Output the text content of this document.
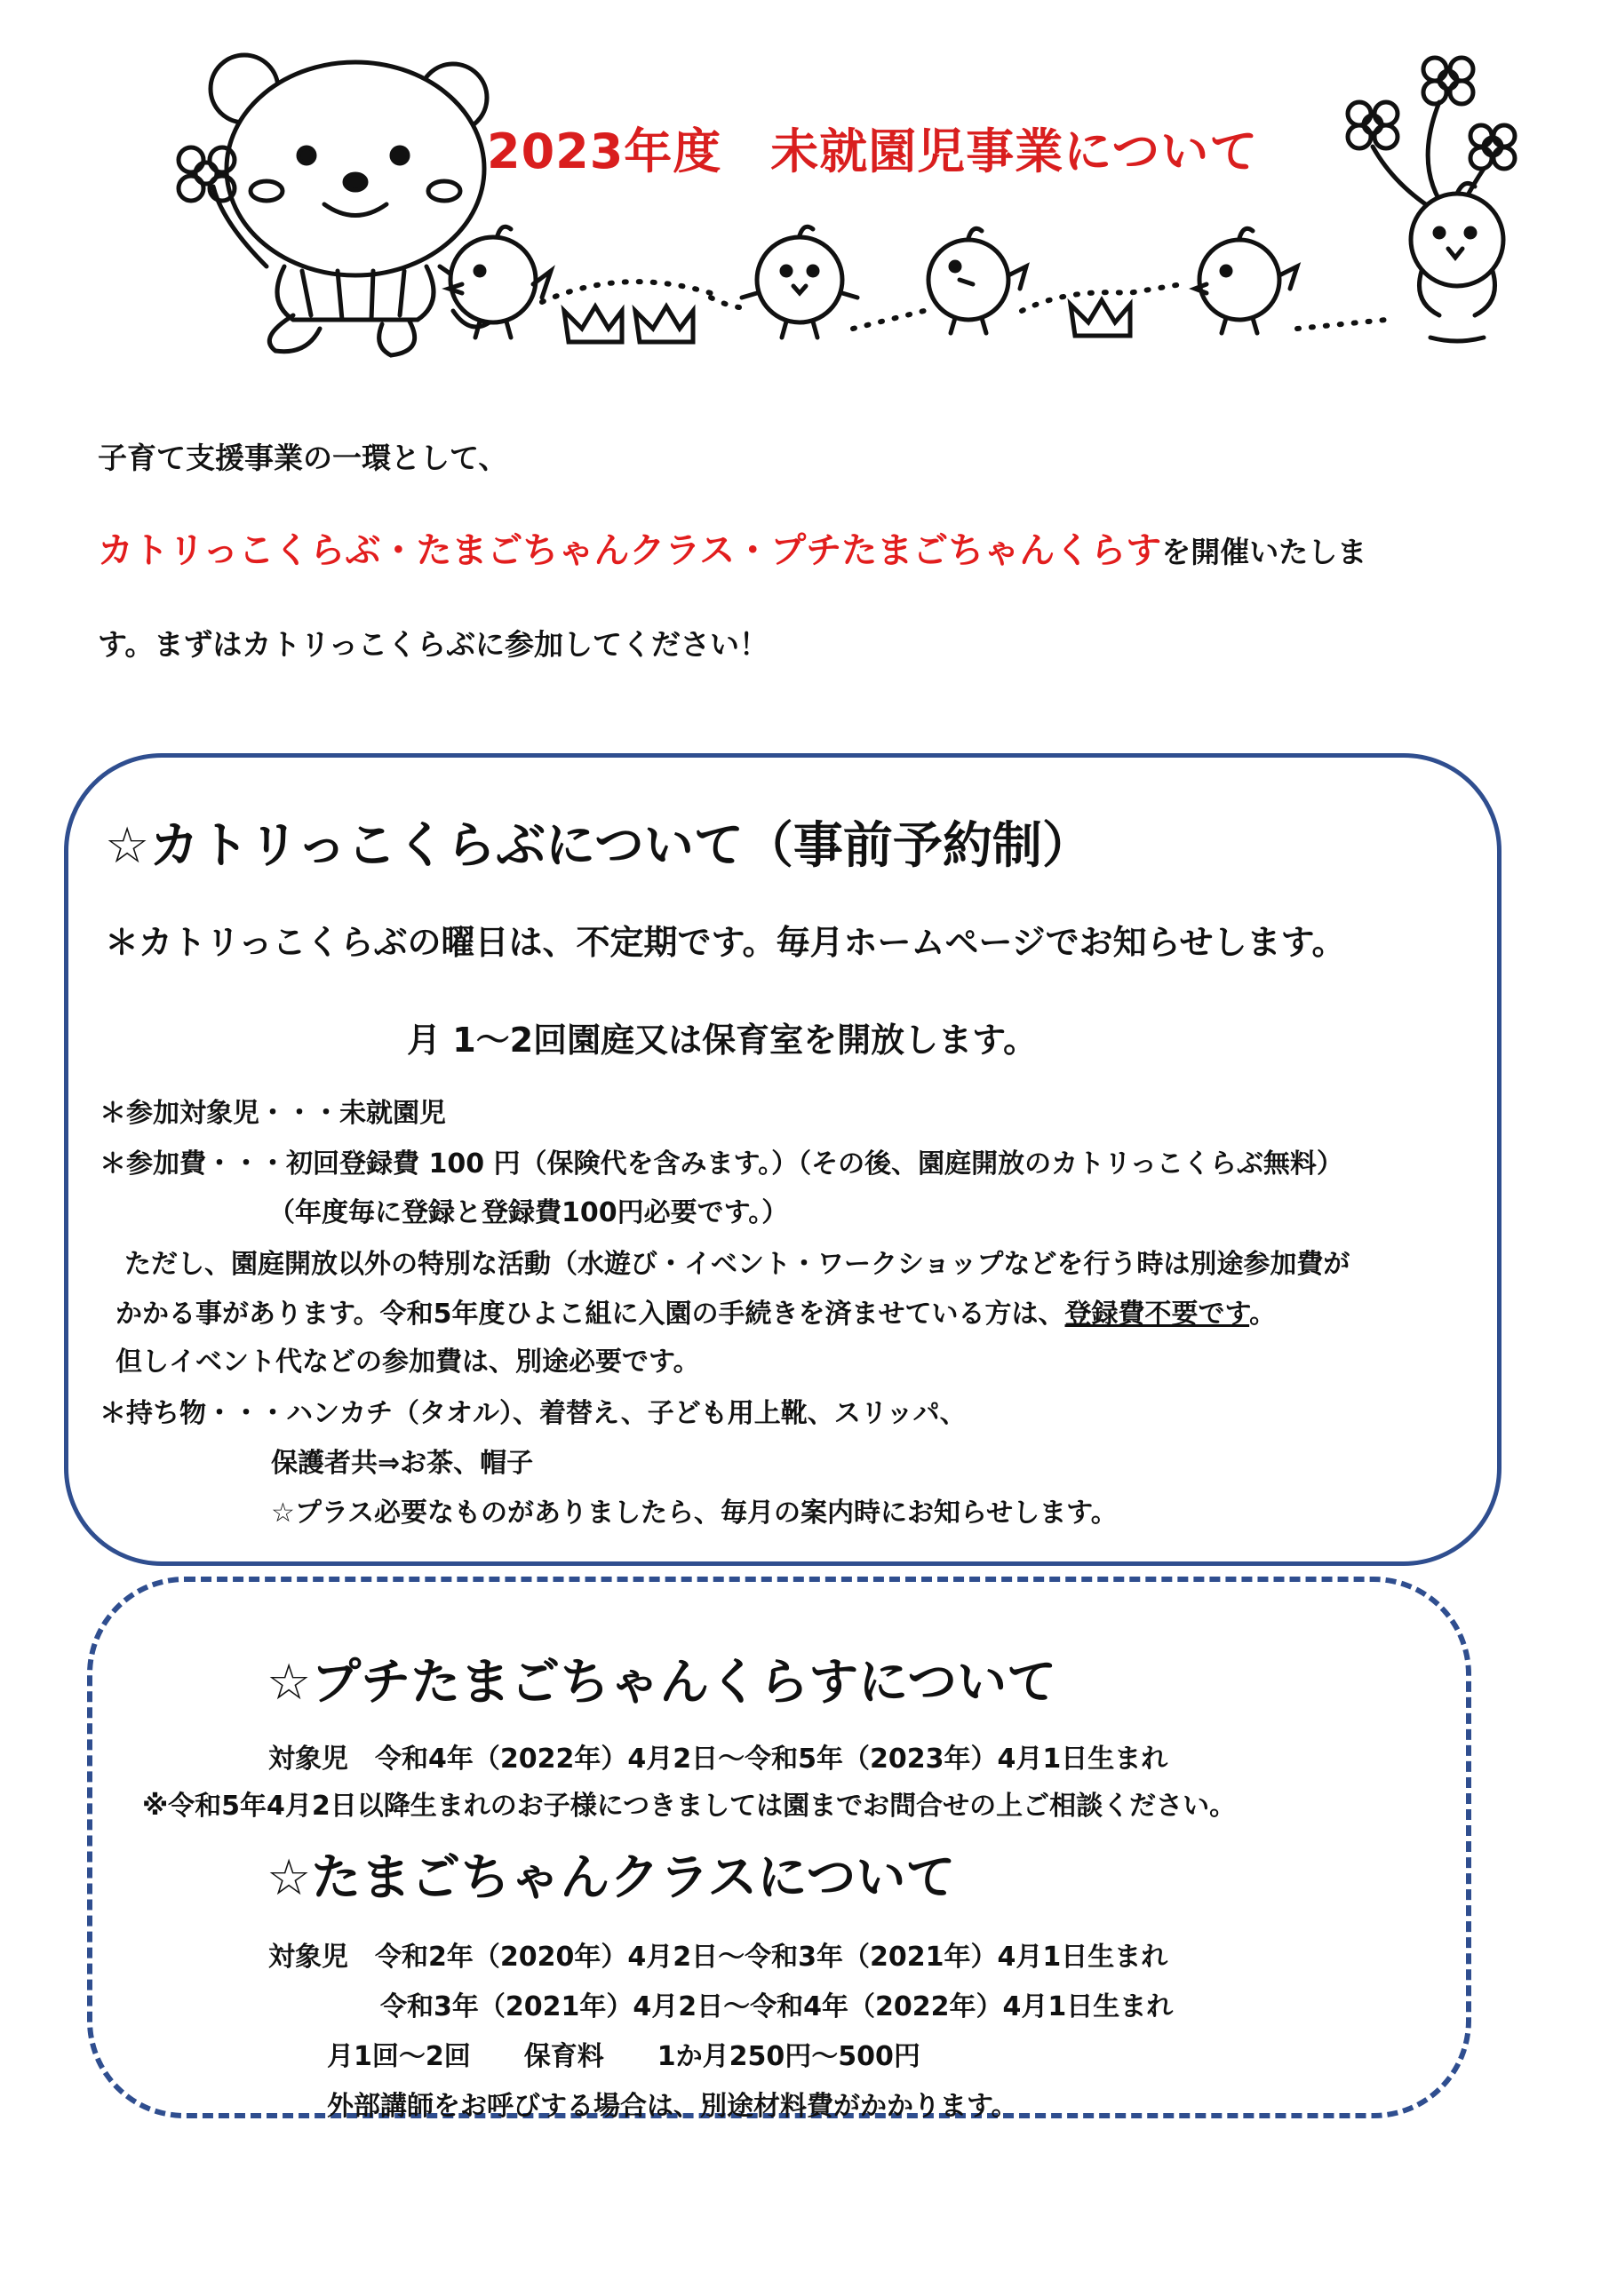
2023年度　未就園児事業について
子育て支援事業の一環として、
カトリっこくらぶ・たまごちゃんクラス・プチたまごちゃんくらすを開催いたしま
す。まずはカトリっこくらぶに参加してください！
☆カトリっこくらぶについて（事前予約制）
＊カトリっこくらぶの曜日は、不定期です。毎月ホームページでお知らせします。
月 1～2回園庭又は保育室を開放します。
＊参加対象児・・・未就園児
＊参加費・・・初回登録費 100 円（保険代を含みます。）（その後、園庭開放のカトリっこくらぶ無料）
（年度毎に登録と登録費100円必要です。）
ただし、園庭開放以外の特別な活動（水遊び・イベント・ワークショップなどを行う時は別途参加費が
かかる事があります。令和5年度ひよこ組に入園の手続きを済ませている方は、登録費不要です。
但しイベント代などの参加費は、別途必要です。
＊持ち物・・・ハンカチ（タオル）、着替え、子ども用上靴、スリッパ、
保護者共⇒お茶、帽子
☆プラス必要なものがありましたら、毎月の案内時にお知らせします。
☆プチたまごちゃんくらすについて
対象児　令和4年（2022年）4月2日～令和5年（2023年）4月1日生まれ
※令和5年4月2日以降生まれのお子様につきましては園までお問合せの上ご相談ください。
☆たまごちゃんクラスについて
対象児　令和2年（2020年）4月2日～令和3年（2021年）4月1日生まれ
令和3年（2021年）4月2日～令和4年（2022年）4月1日生まれ
月1回～2回　　保育料　　1か月250円～500円
外部講師をお呼びする場合は、別途材料費がかかります。
